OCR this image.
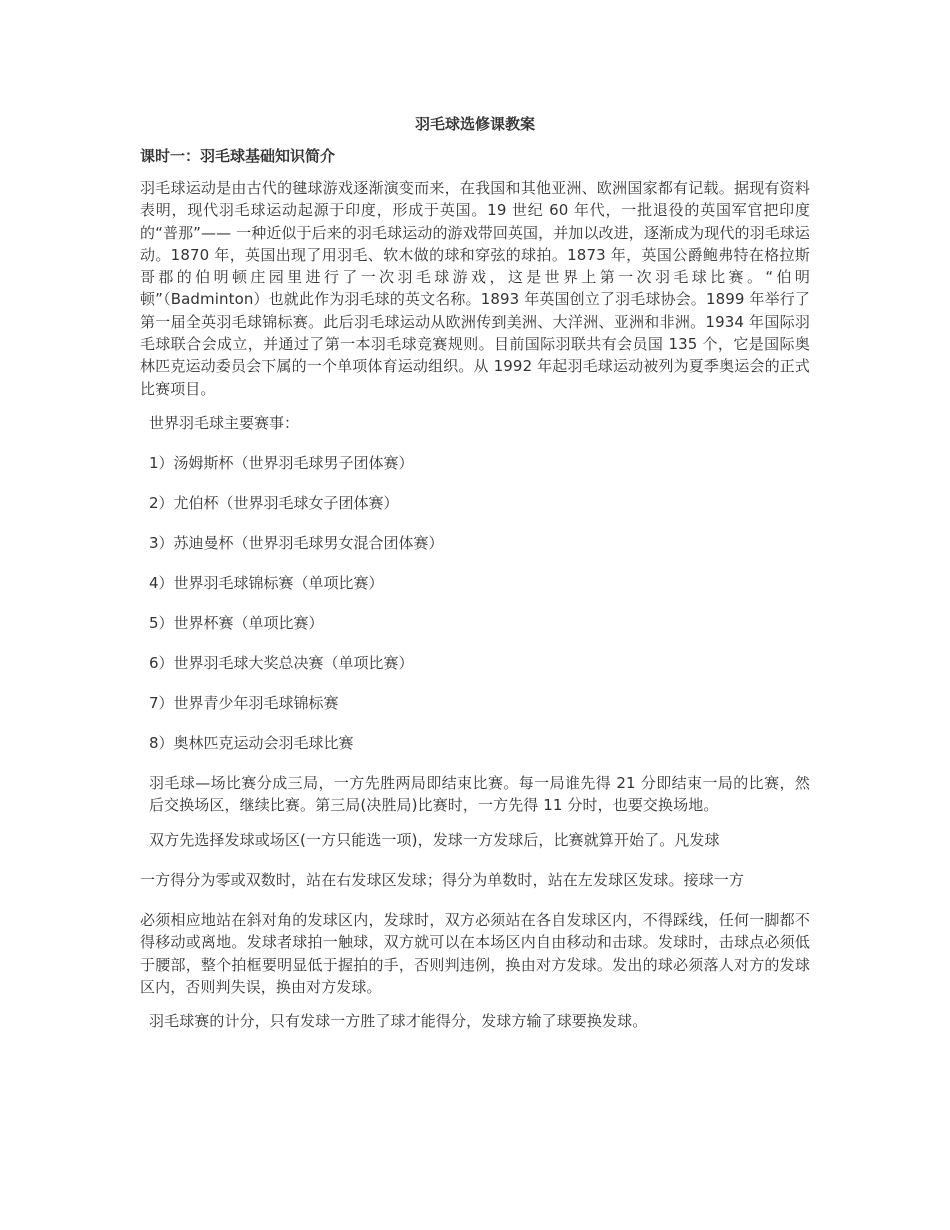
羽毛球选修课教案
课时一：羽毛球基础知识简介
羽毛球运动是由古代的毽球游戏逐渐演变而来，在我国和其他亚洲、欧洲国家都有记载。据现有资料表明，现代羽毛球运动起源于印度，形成于英国。19 世纪 60 年代，一批退役的英国军官把印度的“普那”—— 一种近似于后来的羽毛球运动的游戏带回英国，并加以改进，逐渐成为现代的羽毛球运动。1870 年，英国出现了用羽毛、软木做的球和穿弦的球拍。1873 年，英国公爵鲍弗特在格拉斯哥郡的伯明顿庄园里进行了一次羽毛球游戏，这是世界上第一次羽毛球比赛。“伯明顿”（Badminton）也就此作为羽毛球的英文名称。1893 年英国创立了羽毛球协会。1899 年举行了第一届全英羽毛球锦标赛。此后羽毛球运动从欧洲传到美洲、大洋洲、亚洲和非洲。1934 年国际羽毛球联合会成立，并通过了第一本羽毛球竞赛规则。目前国际羽联共有会员国 135 个，它是国际奥林匹克运动委员会下属的一个单项体育运动组织。从 1992 年起羽毛球运动被列为夏季奥运会的正式比赛项目。
世界羽毛球主要赛事：
1）汤姆斯杯（世界羽毛球男子团体赛）
2）尤伯杯（世界羽毛球女子团体赛）
3）苏迪曼杯（世界羽毛球男女混合团体赛）
4）世界羽毛球锦标赛（单项比赛）
5）世界杯赛（单项比赛）
6）世界羽毛球大奖总决赛（单项比赛）
7）世界青少年羽毛球锦标赛
8）奥林匹克运动会羽毛球比赛
羽毛球—场比赛分成三局，一方先胜两局即结束比赛。每一局谁先得 21 分即结束一局的比赛，然后交换场区，继续比赛。第三局(决胜局)比赛时，一方先得 11 分时，也要交换场地。
双方先选择发球或场区(一方只能选一项)，发球一方发球后，比赛就算开始了。凡发球
一方得分为零或双数时，站在右发球区发球；得分为单数时，站在左发球区发球。接球一方
必须相应地站在斜对角的发球区内，发球时，双方必须站在各自发球区内，不得踩线，任何一脚都不得移动或离地。发球者球拍一触球，双方就可以在本场区内自由移动和击球。发球时，击球点必须低于腰部，整个拍框要明显低于握拍的手，否则判违例，换由对方发球。发出的球必须落人对方的发球区内，否则判失误，换由对方发球。
羽毛球赛的计分，只有发球一方胜了球才能得分，发球方输了球要换发球。
